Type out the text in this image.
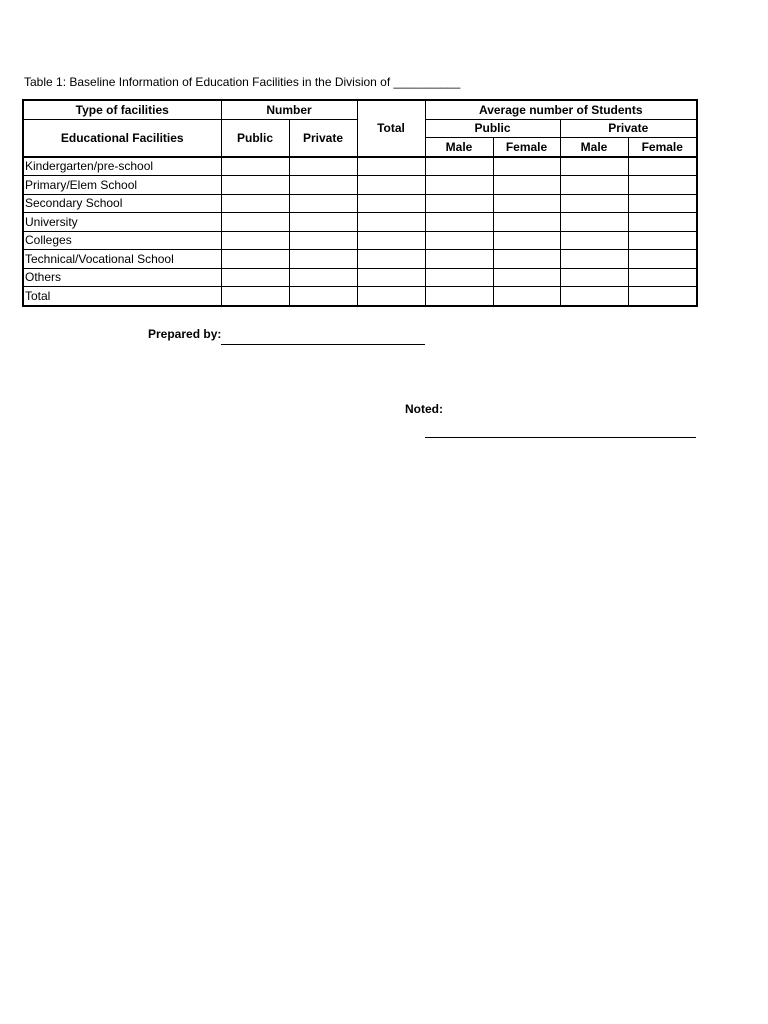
Table 1: Baseline Information of Education Facilities in the Division of __________
Type of facilities	Number		Total	Average number of Students			
Educational Facilities	Public	Private		Public		Private	
				Male	Female	Male	Female
Kindergarten/pre-school							
Primary/Elem School							
Secondary School							
University							
Colleges							
Technical/Vocational School							
Others							
Total							
Prepared by:
Noted:
